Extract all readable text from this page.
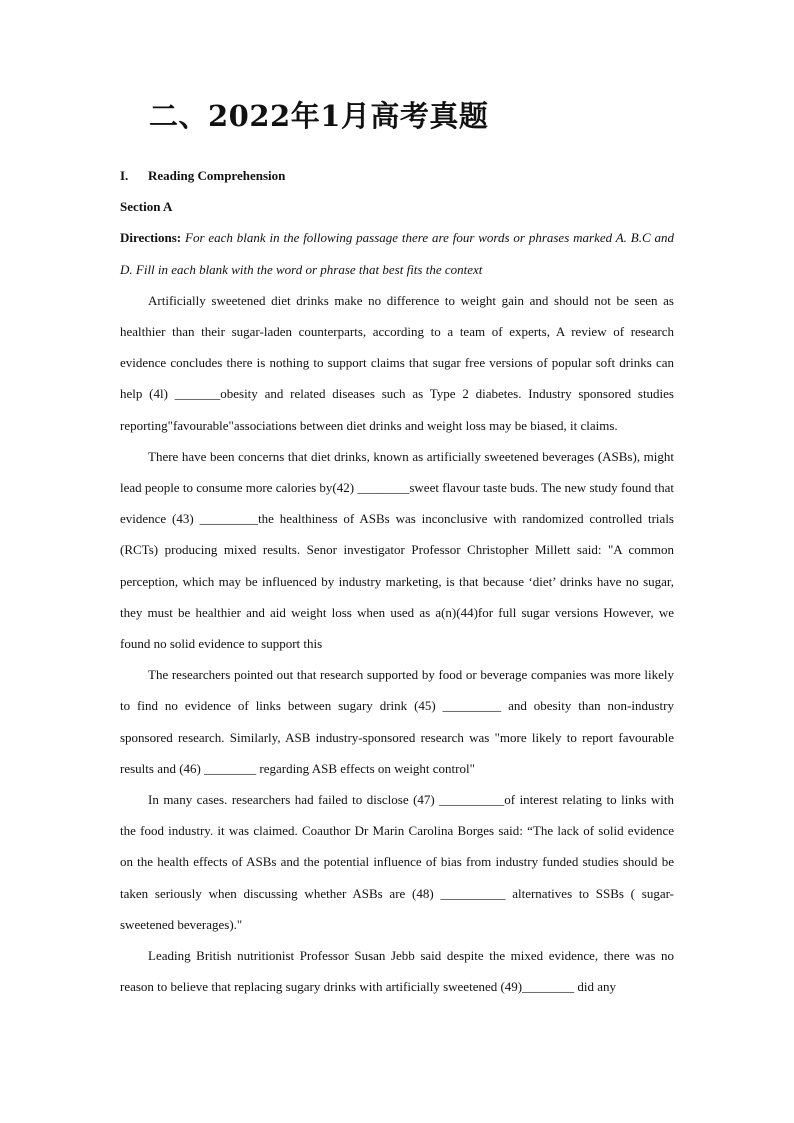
二、2022年1月高考真题
I. Reading Comprehension
Section A
Directions: For each blank in the following passage there are four words or phrases marked A. B.C and D. Fill in each blank with the word or phrase that best fits the context

Artificially sweetened diet drinks make no difference to weight gain and should not be seen as healthier than their sugar-laden counterparts, according to a team of experts, A review of research evidence concludes there is nothing to support claims that sugar free versions of popular soft drinks can help (4l) _______obesity and related diseases such as Type 2 diabetes. Industry sponsored studies reporting"favourable"associations between diet drinks and weight loss may be biased, it claims.

There have been concerns that diet drinks, known as artificially sweetened beverages (ASBs), might lead people to consume more calories by(42) ________sweet flavour taste buds. The new study found that evidence (43) _________the healthiness of ASBs was inconclusive with randomized controlled trials (RCTs) producing mixed results. Senor investigator Professor Christopher Millett said: "A common perception, which may be influenced by industry marketing, is that because ‘diet’ drinks have no sugar, they must be healthier and aid weight loss when used as a(n)(44)for full sugar versions However, we found no solid evidence to support this

The researchers pointed out that research supported by food or beverage companies was more likely to find no evidence of links between sugary drink (45) _________ and obesity than non-industry sponsored research. Similarly, ASB industry-sponsored research was "more likely to report favourable results and (46) ________ regarding ASB effects on weight control"

In many cases. researchers had failed to disclose (47) __________of interest relating to links with the food industry. it was claimed. Coauthor Dr Marin Carolina Borges said: “The lack of solid evidence on the health effects of ASBs and the potential influence of bias from industry funded studies should be taken seriously when discussing whether ASBs are (48) __________ alternatives to SSBs ( sugar-sweetened beverages)."

Leading British nutritionist Professor Susan Jebb said despite the mixed evidence, there was no reason to believe that replacing sugary drinks with artificially sweetened (49)________ did any
